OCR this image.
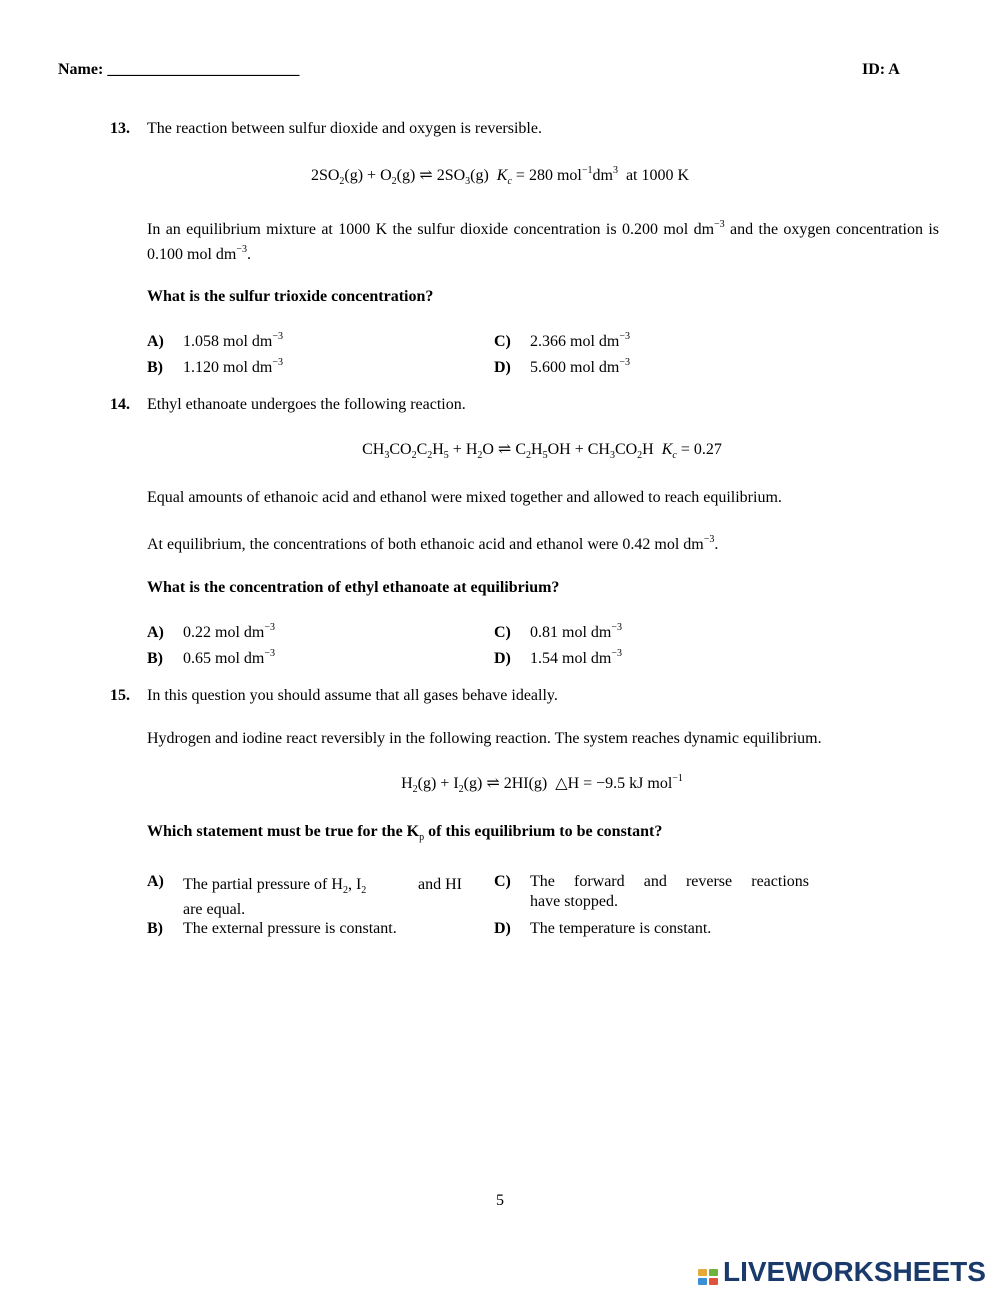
Name: ________________________	ID: A
13. The reaction between sulfur dioxide and oxygen is reversible.
$2SO_2(g) + O_2(g)$ ⇌ $2SO_3(g) K_c = 280$ $mol^{-1}dm^3$ at 1000 K
In an equilibrium mixture at 1000 K the sulfur dioxide concentration is 0.200 mol $dm^{-3}$ and the oxygen concentration is 0.100 mol $dm^{-3}$.
What is the sulfur trioxide concentration?
A) 1.058 mol $dm^{-3}$
B) 1.120 mol $dm^{-3}$
C) 2.366 mol $dm^{-3}$
D) 5.600 mol $dm^{-3}$
14. Ethyl ethanoate undergoes the following reaction.
$CH_3CO_2C_2H_5 + H_2O$ ⇌ $C_2H_5OH + CH_3CO_2H$  $K_c = 0.27$
Equal amounts of ethanoic acid and ethanol were mixed together and allowed to reach equilibrium.
At equilibrium, the concentrations of both ethanoic acid and ethanol were 0.42 mol $dm^{-3}$.
What is the concentration of ethyl ethanoate at equilibrium?
A) 0.22 mol $dm^{-3}$
B) 0.65 mol $dm^{-3}$
C) 0.81 mol $dm^{-3}$
D) 1.54 mol $dm^{-3}$
15. In this question you should assume that all gases behave ideally.
Hydrogen and iodine react reversibly in the following reaction. The system reaches dynamic equilibrium.
$H_2(g) + I_2(g)$ ⇌ 2HI(g)  △H = −9.5 kJ mol$^{-1}$
Which statement must be true for the $K_p$ of this equilibrium to be constant?
A)	The partial pressure of $H_2$, $I_2$	and HI
are equal.
B) The external pressure is constant.
C)	The forward and reverse reactions
have stopped.
D) The temperature is constant.
5

LIVEWORKSHEETS
